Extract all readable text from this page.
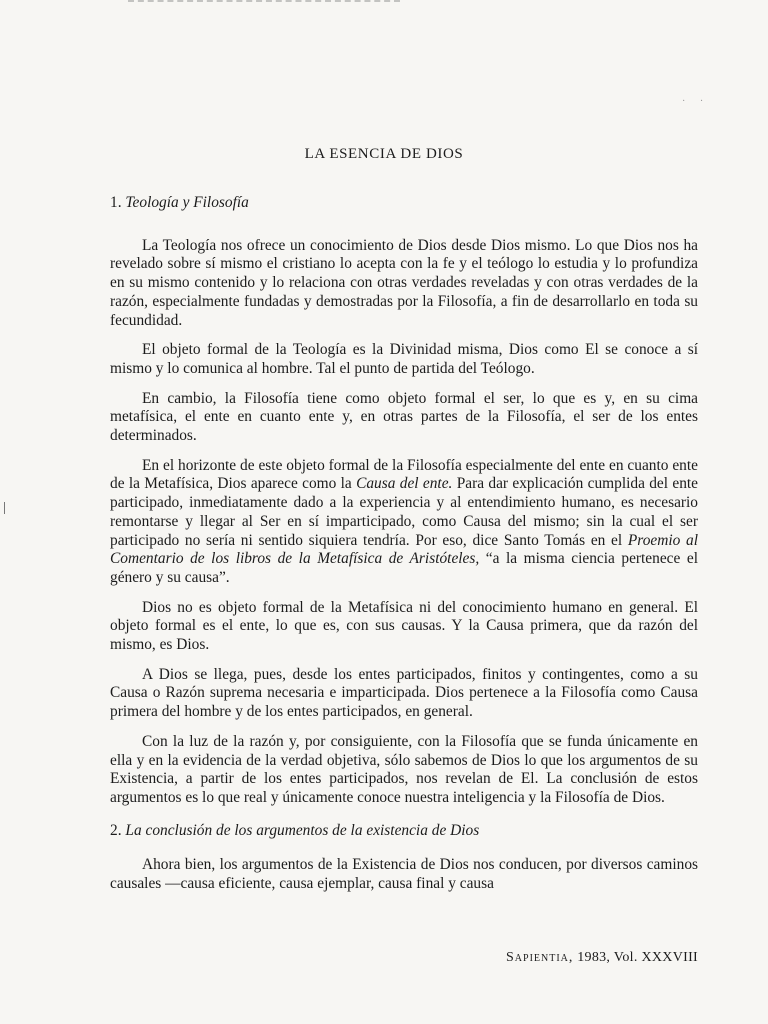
· ·
LA ESENCIA DE DIOS
1. Teología y Filosofía

La Teología nos ofrece un conocimiento de Dios desde Dios mismo. Lo que Dios nos ha revelado sobre sí mismo el cristiano lo acepta con la fe y el teólogo lo estudia y lo profundiza en su mismo contenido y lo relaciona con otras verdades reveladas y con otras verdades de la razón, especialmente fundadas y demostradas por la Filosofía, a fin de desarrollarlo en toda su fecundidad.

El objeto formal de la Teología es la Divinidad misma, Dios como El se conoce a sí mismo y lo comunica al hombre. Tal el punto de partida del Teólogo.

En cambio, la Filosofía tiene como objeto formal el ser, lo que es y, en su cima metafísica, el ente en cuanto ente y, en otras partes de la Filosofía, el ser de los entes determinados.

En el horizonte de este objeto formal de la Filosofía especialmente del ente en cuanto ente de la Metafísica, Dios aparece como la Causa del ente. Para dar explicación cumplida del ente participado, inmediatamente dado a la experiencia y al entendimiento humano, es necesario remontarse y llegar al Ser en sí imparticipado, como Causa del mismo; sin la cual el ser participado no sería ni sentido siquiera tendría. Por eso, dice Santo Tomás en el Proemio al Comentario de los libros de la Metafísica de Aristóteles, “a la misma ciencia pertenece el género y su causa”.

Dios no es objeto formal de la Metafísica ni del conocimiento humano en general. El objeto formal es el ente, lo que es, con sus causas. Y la Causa primera, que da razón del mismo, es Dios.

A Dios se llega, pues, desde los entes participados, finitos y contingentes, como a su Causa o Razón suprema necesaria e imparticipada. Dios pertenece a la Filosofía como Causa primera del hombre y de los entes participados, en general.

Con la luz de la razón y, por consiguiente, con la Filosofía que se funda únicamente en ella y en la evidencia de la verdad objetiva, sólo sabemos de Dios lo que los argumentos de su Existencia, a partir de los entes participados, nos revelan de El. La conclusión de estos argumentos es lo que real y únicamente conoce nuestra inteligencia y la Filosofía de Dios.

2. La conclusión de los argumentos de la existencia de Dios

Ahora bien, los argumentos de la Existencia de Dios nos conducen, por diversos caminos causales —causa eficiente, causa ejemplar, causa final y causa

Sapientia, 1983, Vol. XXXVIII
